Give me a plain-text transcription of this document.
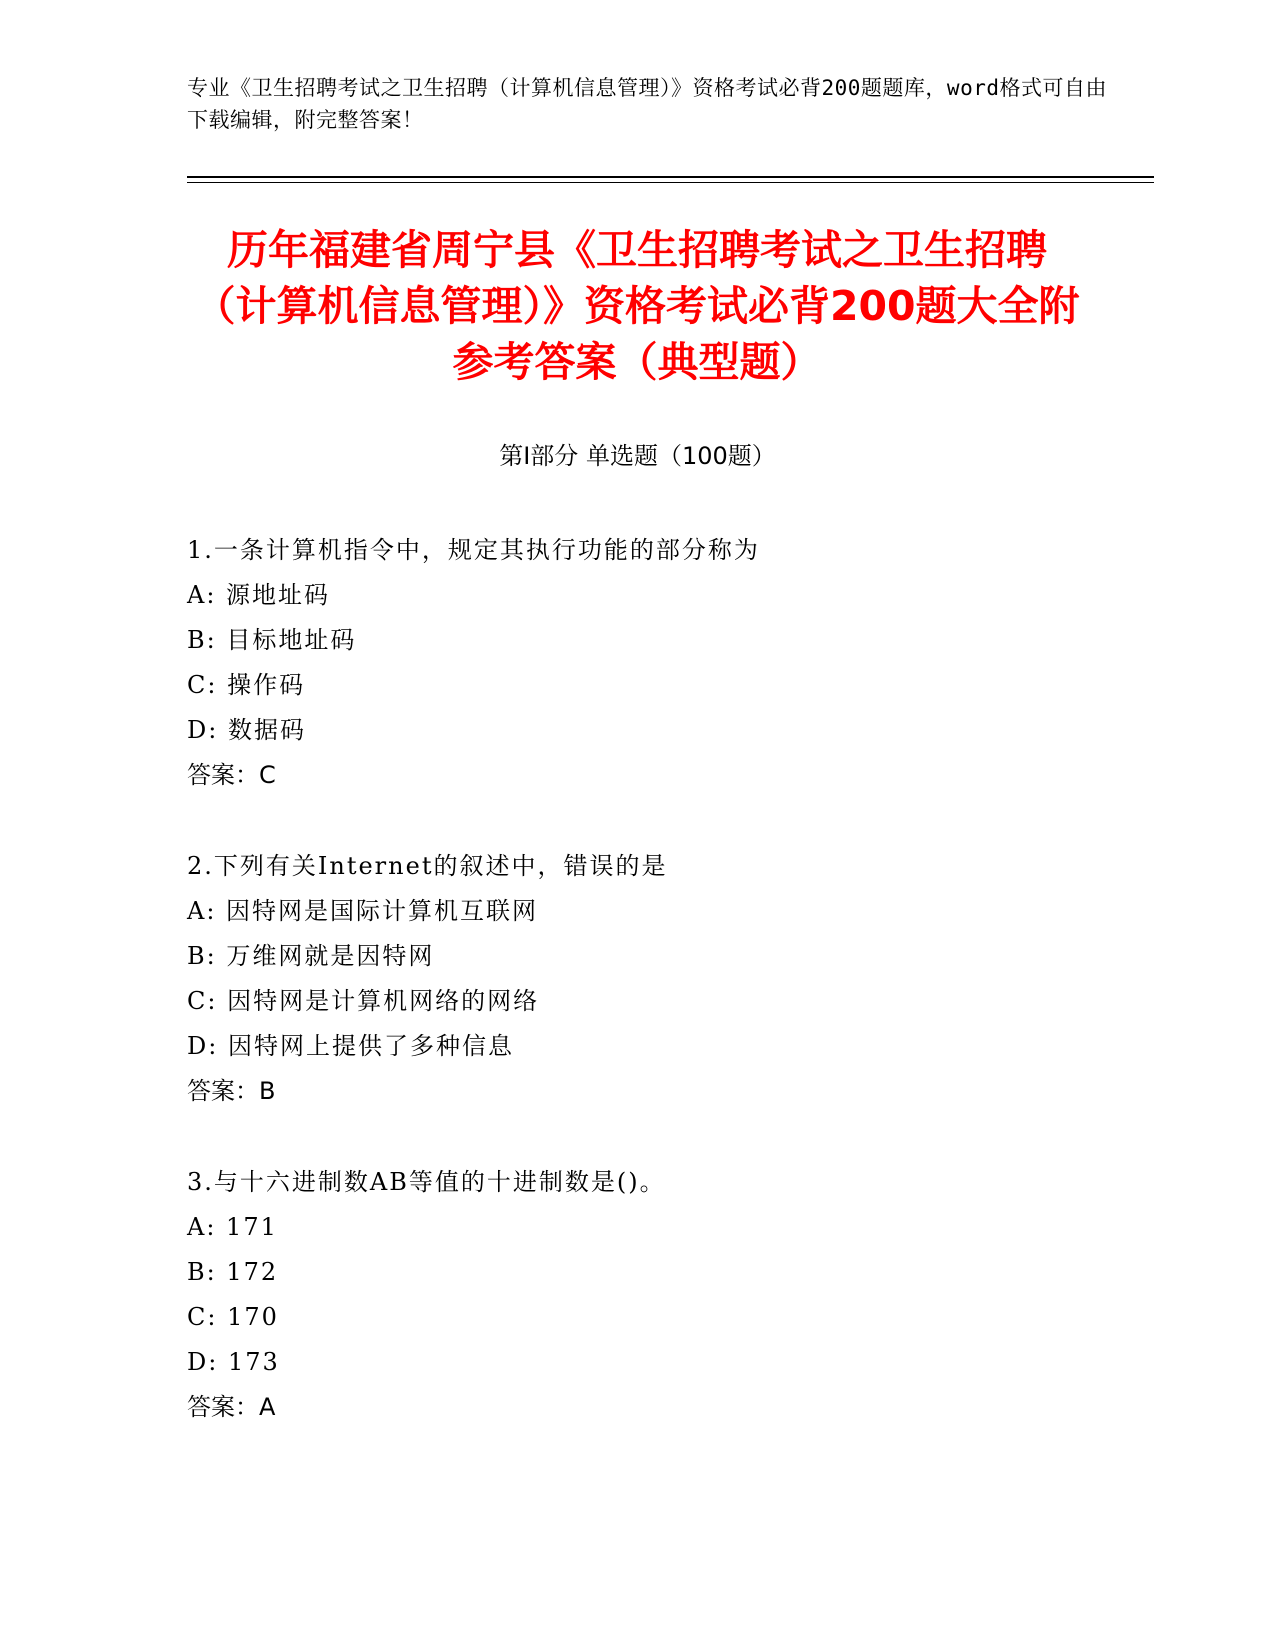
专业《卫生招聘考试之卫生招聘（计算机信息管理）》资格考试必背200题题库，word格式可自由下载编辑，附完整答案！
历年福建省周宁县《卫生招聘考试之卫生招聘（计算机信息管理）》资格考试必背200题大全附参考答案（典型题）
第Ⅰ部分 单选题（100题）
1.一条计算机指令中，规定其执行功能的部分称为
A: 源地址码
B: 目标地址码
C: 操作码
D: 数据码
答案：C
2.下列有关Internet的叙述中，错误的是
A: 因特网是国际计算机互联网
B: 万维网就是因特网
C: 因特网是计算机网络的网络
D: 因特网上提供了多种信息
答案：B
3.与十六进制数AB等值的十进制数是()。
A: 171
B: 172
C: 170
D: 173
答案：A
